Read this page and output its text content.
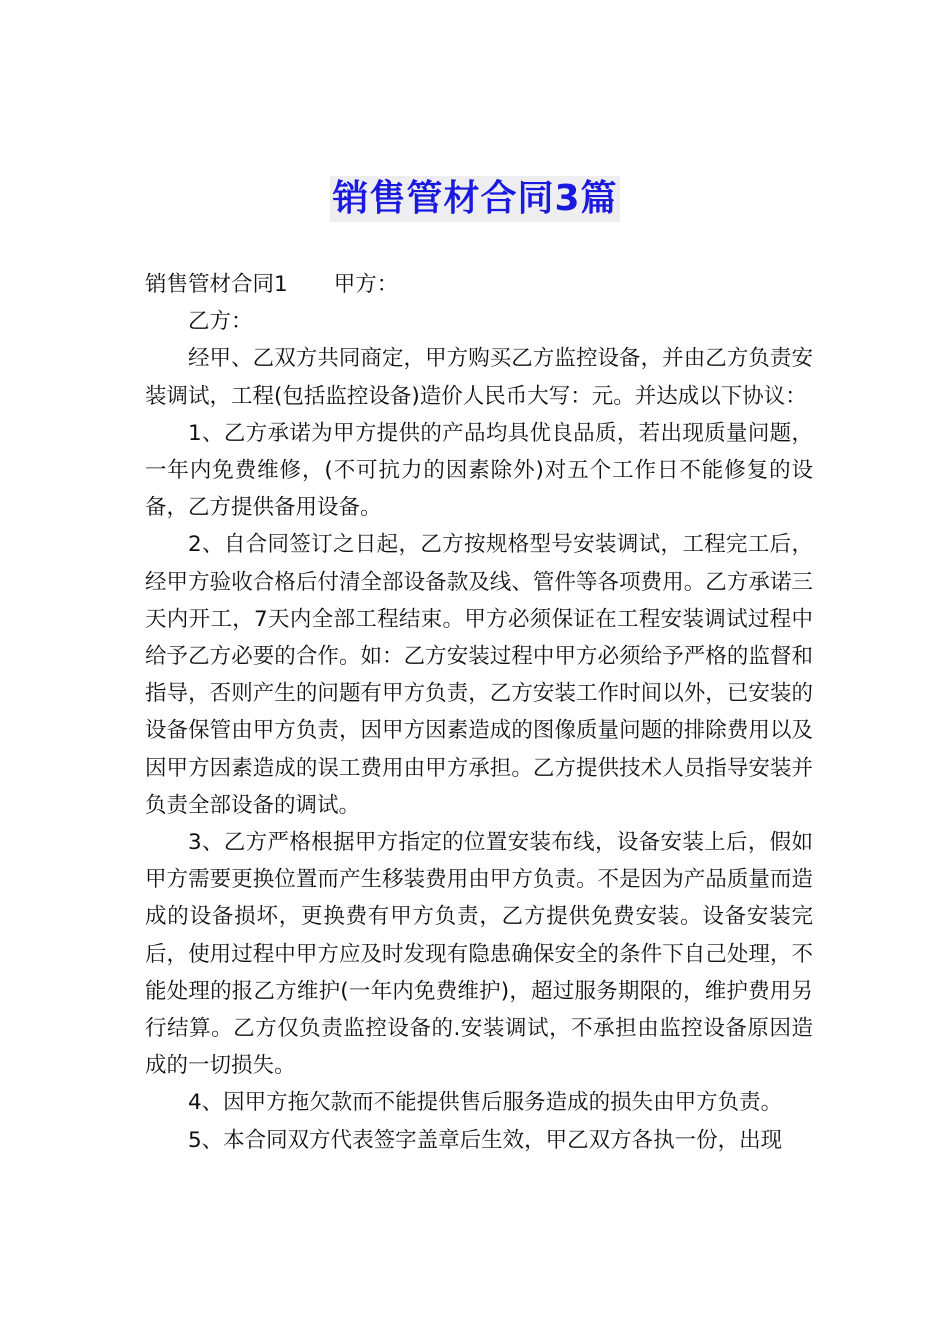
销售管材合同3篇

销售管材合同1 甲方：

乙方：

经甲、乙双方共同商定，甲方购买乙方监控设备，并由乙方负责安装调试，工程(包括监控设备)造价人民币大写：元。并达成以下协议：

1、乙方承诺为甲方提供的产品均具优良品质，若出现质量问题，一年内免费维修，(不可抗力的因素除外)对五个工作日不能修复的设备，乙方提供备用设备。

2、自合同签订之日起，乙方按规格型号安装调试，工程完工后，经甲方验收合格后付清全部设备款及线、管件等各项费用。乙方承诺三天内开工，7天内全部工程结束。甲方必须保证在工程安装调试过程中给予乙方必要的合作。如：乙方安装过程中甲方必须给予严格的监督和指导，否则产生的问题有甲方负责，乙方安装工作时间以外，已安装的设备保管由甲方负责，因甲方因素造成的图像质量问题的排除费用以及因甲方因素造成的误工费用由甲方承担。乙方提供技术人员指导安装并负责全部设备的调试。

3、乙方严格根据甲方指定的位置安装布线，设备安装上后，假如甲方需要更换位置而产生移装费用由甲方负责。不是因为产品质量而造成的设备损坏，更换费有甲方负责，乙方提供免费安装。设备安装完后，使用过程中甲方应及时发现有隐患确保安全的条件下自己处理，不能处理的报乙方维护(一年内免费维护)，超过服务期限的，维护费用另行结算。乙方仅负责监控设备的.安装调试，不承担由监控设备原因造成的一切损失。

4、因甲方拖欠款而不能提供售后服务造成的损失由甲方负责。

5、本合同双方代表签字盖章后生效，甲乙双方各执一份，出现
